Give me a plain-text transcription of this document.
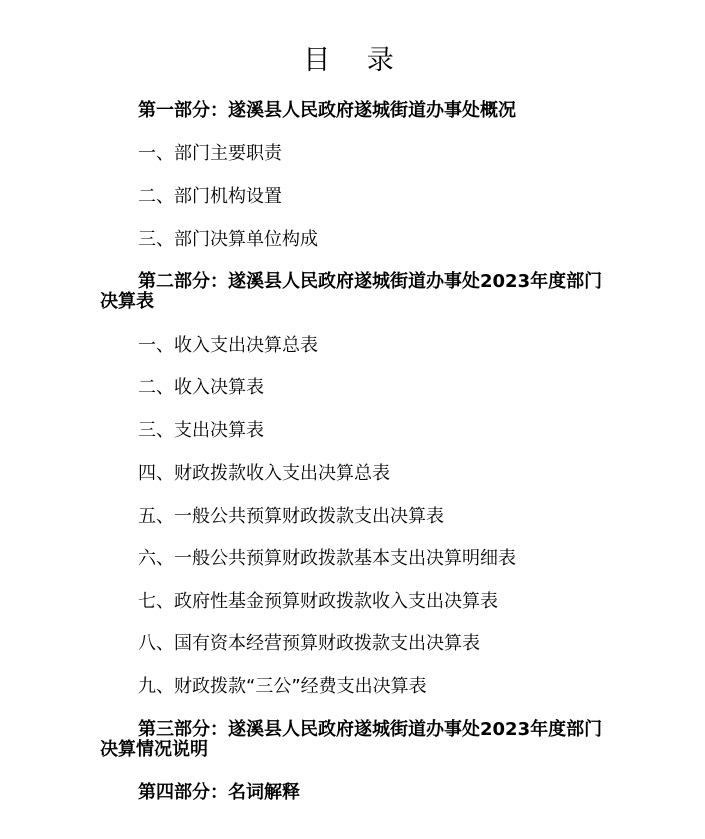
目 录

第一部分：遂溪县人民政府遂城街道办事处概况

一、部门主要职责
二、部门机构设置
三、部门决算单位构成

第二部分：遂溪县人民政府遂城街道办事处2023年度部门决算表

一、收入支出决算总表
二、收入决算表
三、支出决算表
四、财政拨款收入支出决算总表
五、一般公共预算财政拨款支出决算表
六、一般公共预算财政拨款基本支出决算明细表
七、政府性基金预算财政拨款收入支出决算表
八、国有资本经营预算财政拨款支出决算表
九、财政拨款“三公”经费支出决算表

第三部分：遂溪县人民政府遂城街道办事处2023年度部门决算情况说明

第四部分：名词解释
